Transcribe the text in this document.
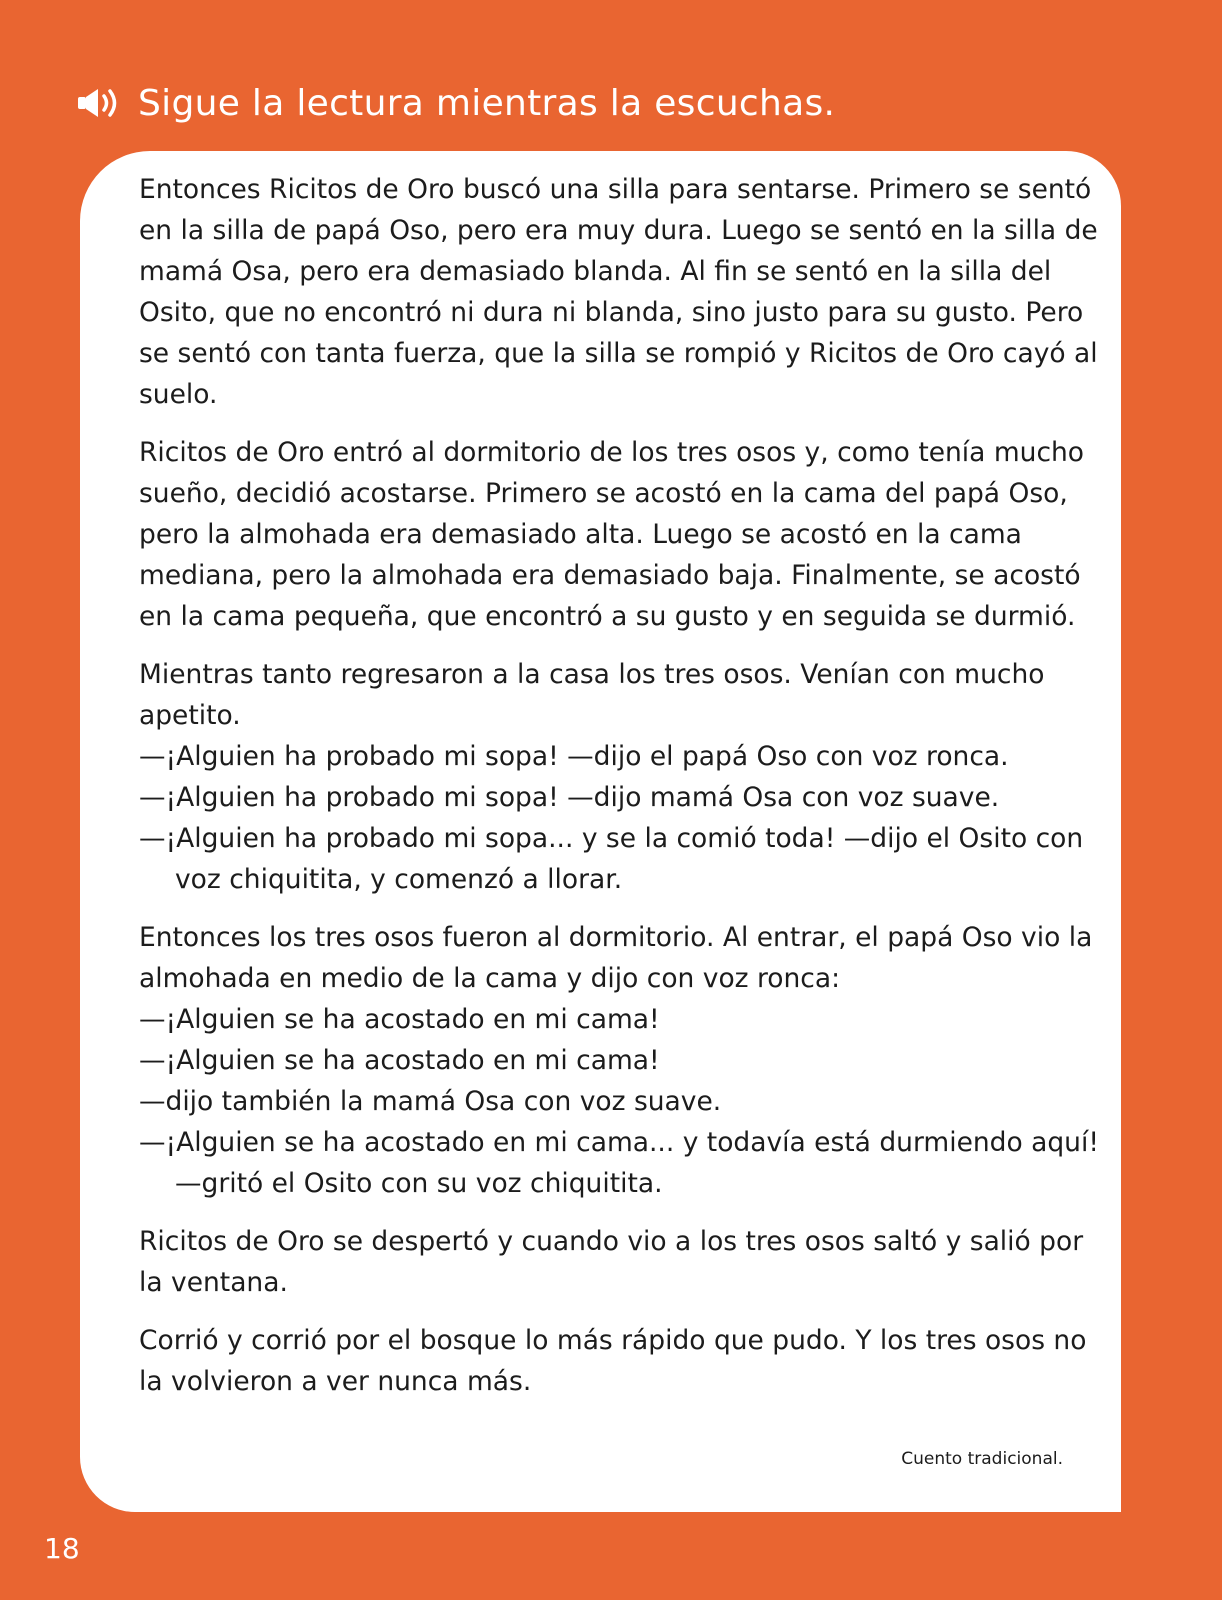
Sigue la lectura mientras la escuchas.

Entonces Ricitos de Oro buscó una silla para sentarse. Primero se sentó en la silla de papá Oso, pero era muy dura. Luego se sentó en la silla de mamá Osa, pero era demasiado blanda. Al fin se sentó en la silla del Osito, que no encontró ni dura ni blanda, sino justo para su gusto. Pero se sentó con tanta fuerza, que la silla se rompió y Ricitos de Oro cayó al suelo.

Ricitos de Oro entró al dormitorio de los tres osos y, como tenía mucho sueño, decidió acostarse. Primero se acostó en la cama del papá Oso, pero la almohada era demasiado alta. Luego se acostó en la cama mediana, pero la almohada era demasiado baja. Finalmente, se acostó en la cama pequeña, que encontró a su gusto y en seguida se durmió.

Mientras tanto regresaron a la casa los tres osos. Venían con mucho apetito.

—¡Alguien ha probado mi sopa! —dijo el papá Oso con voz ronca.

—¡Alguien ha probado mi sopa! —dijo mamá Osa con voz suave.

—¡Alguien ha probado mi sopa... y se la comió toda! —dijo el Osito con voz chiquitita, y comenzó a llorar.

Entonces los tres osos fueron al dormitorio. Al entrar, el papá Oso vio la almohada en medio de la cama y dijo con voz ronca:

—¡Alguien se ha acostado en mi cama!

—¡Alguien se ha acostado en mi cama!

—dijo también la mamá Osa con voz suave.

—¡Alguien se ha acostado en mi cama... y todavía está durmiendo aquí! —gritó el Osito con su voz chiquitita.

Ricitos de Oro se despertó y cuando vio a los tres osos saltó y salió por la ventana.

Corrió y corrió por el bosque lo más rápido que pudo. Y los tres osos no la volvieron a ver nunca más.

Cuento tradicional.
18
